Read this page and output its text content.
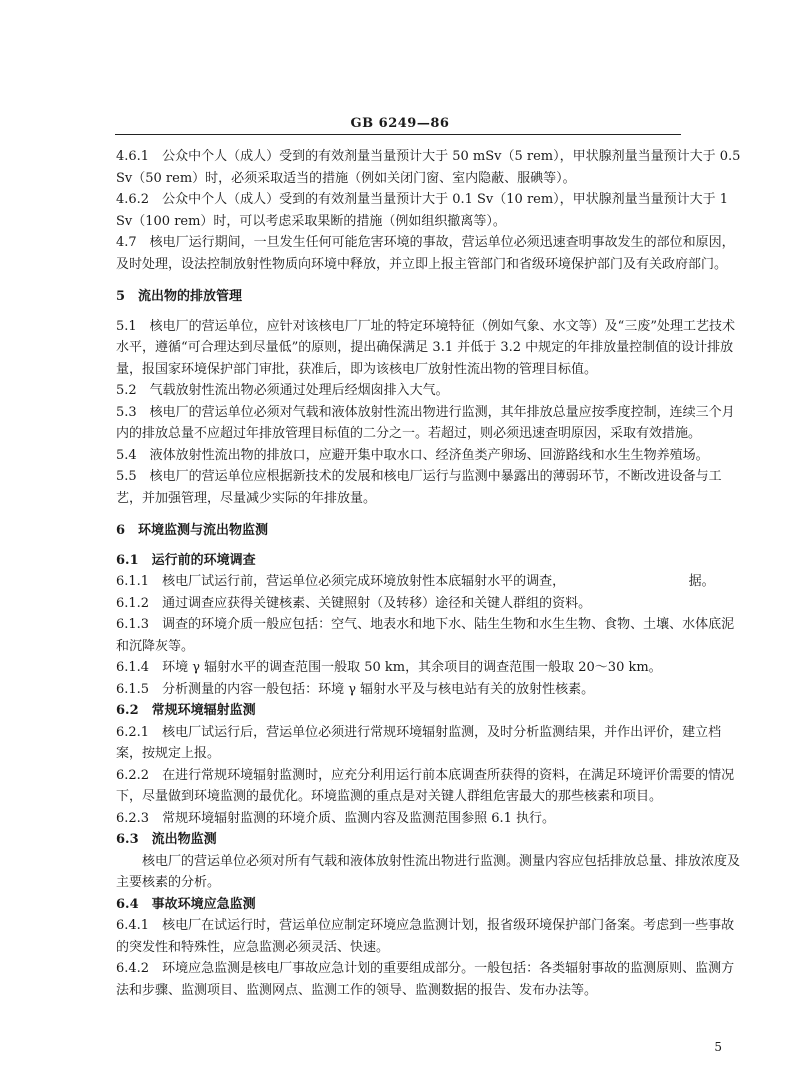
GB 6249—86

4.6.1　公众中个人（成人）受到的有效剂量当量预计大于 50 mSv（5 rem），甲状腺剂量当量预计大于 0.5 Sv（50 rem）时，必须采取适当的措施（例如关闭门窗、室内隐蔽、服碘等）。

4.6.2　公众中个人（成人）受到的有效剂量当量预计大于 0.1 Sv（10 rem），甲状腺剂量当量预计大于 1 Sv（100 rem）时，可以考虑采取果断的措施（例如组织撤离等）。

4.7　核电厂运行期间，一旦发生任何可能危害环境的事故，营运单位必须迅速查明事故发生的部位和原因，及时处理，设法控制放射性物质向环境中释放，并立即上报主管部门和省级环境保护部门及有关政府部门。

5　流出物的排放管理

5.1　核电厂的营运单位，应针对该核电厂厂址的特定环境特征（例如气象、水文等）及“三废”处理工艺技术水平，遵循“可合理达到尽量低”的原则，提出确保满足 3.1 并低于 3.2 中规定的年排放量控制值的设计排放量，报国家环境保护部门审批，获准后，即为该核电厂放射性流出物的管理目标值。

5.2　气载放射性流出物必须通过处理后经烟囱排入大气。

5.3　核电厂的营运单位必须对气载和液体放射性流出物进行监测，其年排放总量应按季度控制，连续三个月内的排放总量不应超过年排放管理目标值的二分之一。若超过，则必须迅速查明原因，采取有效措施。

5.4　液体放射性流出物的排放口，应避开集中取水口、经济鱼类产卵场、回游路线和水生生物养殖场。

5.5　核电厂的营运单位应根据新技术的发展和核电厂运行与监测中暴露出的薄弱环节，不断改进设备与工艺，并加强管理，尽量减少实际的年排放量。

6　环境监测与流出物监测

6.1　运行前的环境调查

6.1.1　核电厂试运行前，营运单位必须完成环境放射性本底辐射水平的调查，　　　　　　　　　　据。

6.1.2　通过调查应获得关键核素、关键照射（及转移）途径和关键人群组的资料。

6.1.3　调查的环境介质一般应包括：空气、地表水和地下水、陆生生物和水生生物、食物、土壤、水体底泥和沉降灰等。

6.1.4　环境 γ 辐射水平的调查范围一般取 50 km，其余项目的调查范围一般取 20～30 km。

6.1.5　分析测量的内容一般包括：环境 γ 辐射水平及与核电站有关的放射性核素。

6.2　常规环境辐射监测

6.2.1　核电厂试运行后，营运单位必须进行常规环境辐射监测，及时分析监测结果，并作出评价，建立档案，按规定上报。

6.2.2　在进行常规环境辐射监测时，应充分利用运行前本底调查所获得的资料，在满足环境评价需要的情况下，尽量做到环境监测的最优化。环境监测的重点是对关键人群组危害最大的那些核素和项目。

6.2.3　常规环境辐射监测的环境介质、监测内容及监测范围参照 6.1 执行。

6.3　流出物监测

核电厂的营运单位必须对所有气载和液体放射性流出物进行监测。测量内容应包括排放总量、排放浓度及主要核素的分析。

6.4　事故环境应急监测

6.4.1　核电厂在试运行时，营运单位应制定环境应急监测计划，报省级环境保护部门备案。考虑到一些事故的突发性和特殊性，应急监测必须灵活、快速。

6.4.2　环境应急监测是核电厂事故应急计划的重要组成部分。一般包括：各类辐射事故的监测原则、监测方法和步骤、监测项目、监测网点、监测工作的领导、监测数据的报告、发布办法等。

5
